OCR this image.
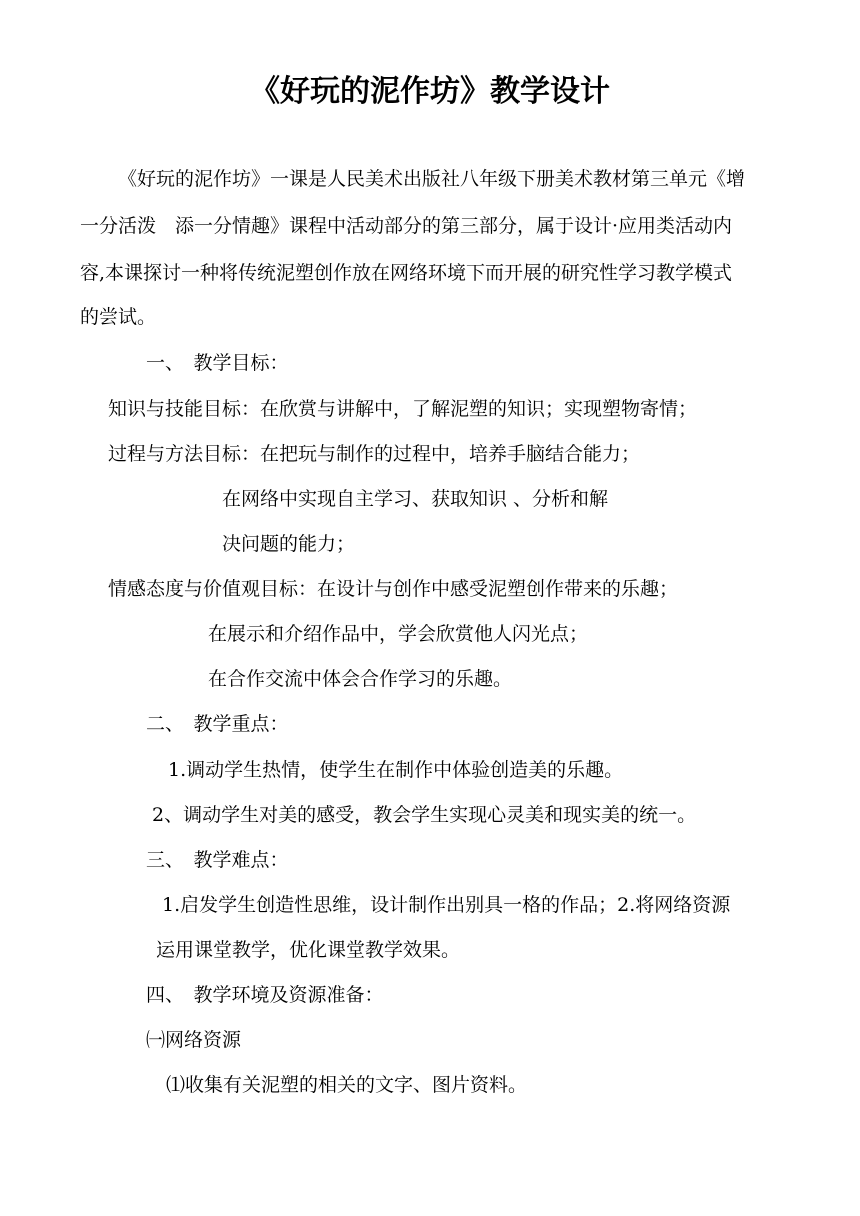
《好玩的泥作坊》教学设计
《好玩的泥作坊》一课是人民美术出版社八年级下册美术教材第三单元《增
一分活泼　添一分情趣》课程中活动部分的第三部分，属于设计·应用类活动内
容,本课探讨一种将传统泥塑创作放在网络环境下而开展的研究性学习教学模式
的尝试。
一、　教学目标：
知识与技能目标：在欣赏与讲解中，了解泥塑的知识；实现塑物寄情；
过程与方法目标：在把玩与制作的过程中，培养手脑结合能力；
在网络中实现自主学习、获取知识 、分析和解
决问题的能力；
情感态度与价值观目标：在设计与创作中感受泥塑创作带来的乐趣；
在展示和介绍作品中，学会欣赏他人闪光点；
在合作交流中体会合作学习的乐趣。
二、　教学重点：
1.调动学生热情，使学生在制作中体验创造美的乐趣。
2、调动学生对美的感受，教会学生实现心灵美和现实美的统一。
三、　教学难点：
1.启发学生创造性思维，设计制作出别具一格的作品；2.将网络资源
运用课堂教学，优化课堂教学效果。
四、　教学环境及资源准备：
㈠网络资源
⑴收集有关泥塑的相关的文字、图片资料。
